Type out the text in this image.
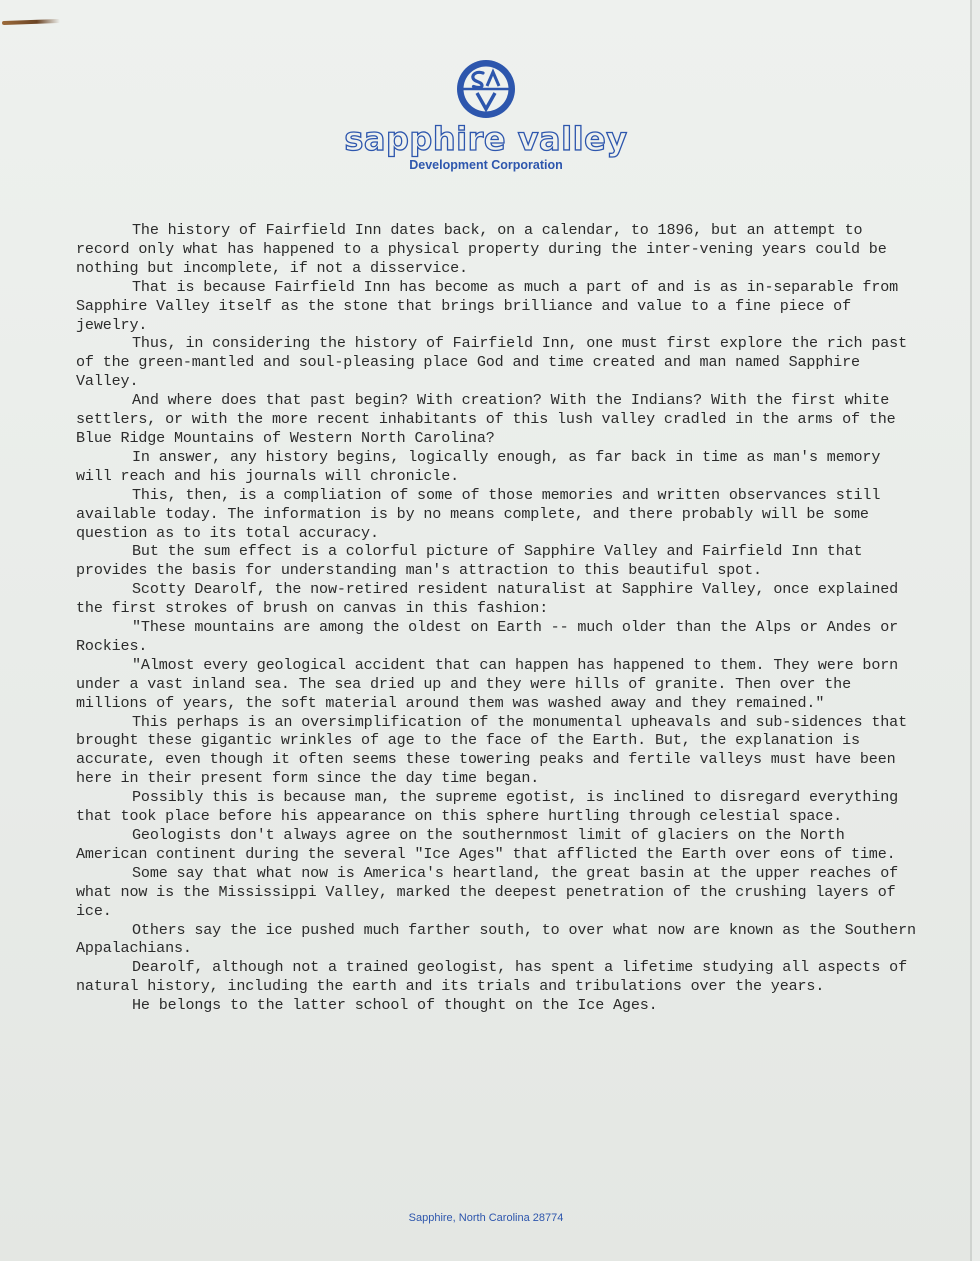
sapphire valley
Development Corporation

The history of Fairfield Inn dates back, on a calendar, to 1896, but an attempt to record only what has happened to a physical property during the inter-vening years could be nothing but incomplete, if not a disservice.

That is because Fairfield Inn has become as much a part of and is as in-separable from Sapphire Valley itself as the stone that brings brilliance and value to a fine piece of jewelry.

Thus, in considering the history of Fairfield Inn, one must first explore the rich past of the green-mantled and soul-pleasing place God and time created and man named Sapphire Valley.

And where does that past begin? With creation? With the Indians? With the first white settlers, or with the more recent inhabitants of this lush valley cradled in the arms of the Blue Ridge Mountains of Western North Carolina?

In answer, any history begins, logically enough, as far back in time as man's memory will reach and his journals will chronicle.

This, then, is a compliation of some of those memories and written observances still available today. The information is by no means complete, and there probably will be some question as to its total accuracy.

But the sum effect is a colorful picture of Sapphire Valley and Fairfield Inn that provides the basis for understanding man's attraction to this beautiful spot.

Scotty Dearolf, the now-retired resident naturalist at Sapphire Valley, once explained the first strokes of brush on canvas in this fashion:

"These mountains are among the oldest on Earth -- much older than the Alps or Andes or Rockies.

"Almost every geological accident that can happen has happened to them. They were born under a vast inland sea. The sea dried up and they were hills of granite. Then over the millions of years, the soft material around them was washed away and they remained."

This perhaps is an oversimplification of the monumental upheavals and sub-sidences that brought these gigantic wrinkles of age to the face of the Earth. But, the explanation is accurate, even though it often seems these towering peaks and fertile valleys must have been here in their present form since the day time began.

Possibly this is because man, the supreme egotist, is inclined to disregard everything that took place before his appearance on this sphere hurtling through celestial space.

Geologists don't always agree on the southernmost limit of glaciers on the North American continent during the several "Ice Ages" that afflicted the Earth over eons of time.

Some say that what now is America's heartland, the great basin at the upper reaches of what now is the Mississippi Valley, marked the deepest penetration of the crushing layers of ice.

Others say the ice pushed much farther south, to over what now are known as the Southern Appalachians.

Dearolf, although not a trained geologist, has spent a lifetime studying all aspects of natural history, including the earth and its trials and tribulations over the years.

He belongs to the latter school of thought on the Ice Ages.

Sapphire, North Carolina 28774
